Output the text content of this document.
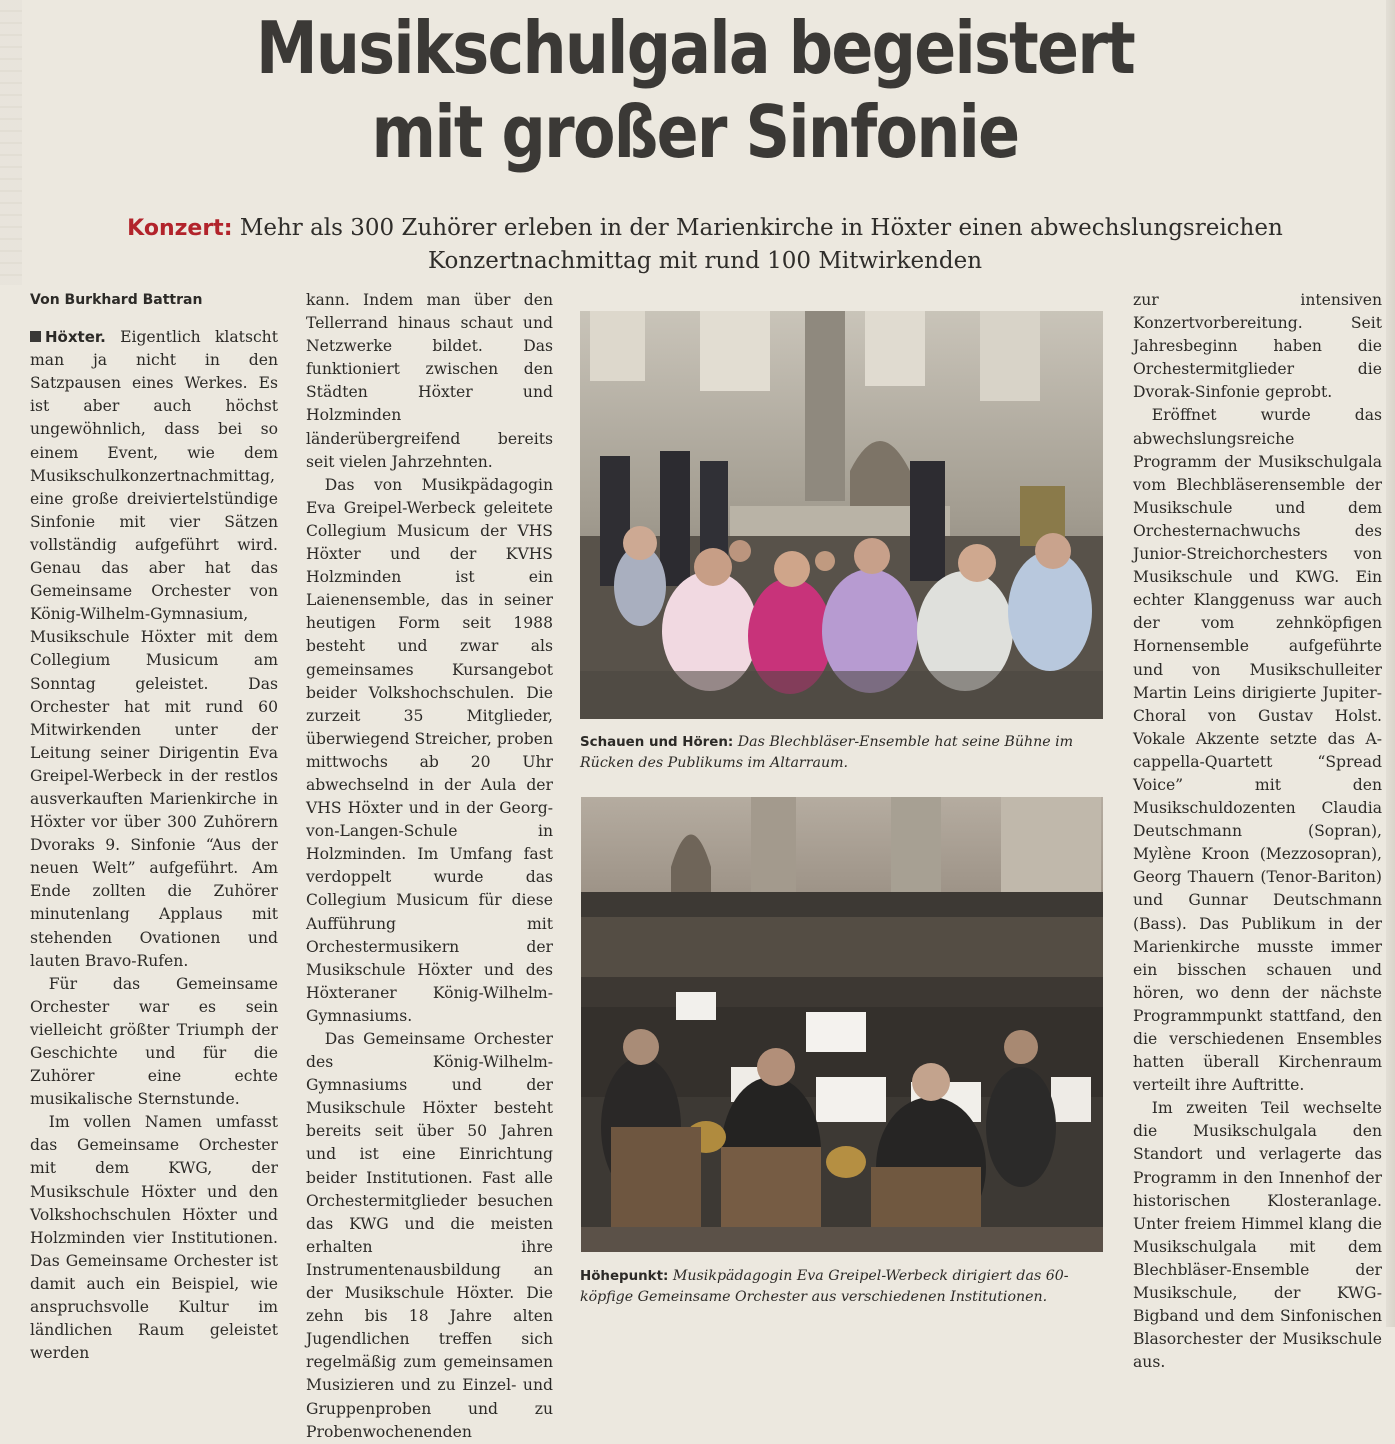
Musikschulgala begeistert
mit großer Sinfonie

Konzert: Mehr als 300 Zuhörer erleben in der Marienkirche in Höxter einen abwechslungsreichen
Konzertnachmittag mit rund 100 Mitwirkenden

Von Burkhard Battran

Höxter. Eigentlich klatscht man ja nicht in den Satzpausen eines Werkes. Es ist aber auch höchst ungewöhnlich, dass bei so einem Event, wie dem Musikschulkonzertnachmittag, eine große dreiviertelstündige Sinfonie mit vier Sätzen vollständig aufgeführt wird. Genau das aber hat das Gemeinsame Orchester von König-Wilhelm-Gymnasium, Musikschule Höxter mit dem Collegium Musicum am Sonntag geleistet. Das Orchester hat mit rund 60 Mitwirkenden unter der Leitung seiner Dirigentin Eva Greipel-Werbeck in der restlos ausverkauften Marienkirche in Höxter vor über 300 Zuhörern Dvoraks 9. Sinfonie “Aus der neuen Welt” aufgeführt. Am Ende zollten die Zuhörer minutenlang Applaus mit stehenden Ovationen und lauten Bravo-Rufen.

Für das Gemeinsame Orchester war es sein vielleicht größter Triumph der Geschichte und für die Zuhörer eine echte musikalische Sternstunde.

Im vollen Namen umfasst das Gemeinsame Orchester mit dem KWG, der Musikschule Höxter und den Volkshochschulen Höxter und Holzminden vier Institutionen. Das Gemeinsame Orchester ist damit auch ein Beispiel, wie anspruchsvolle Kultur im ländlichen Raum geleistet werden

kann. Indem man über den Tellerrand hinaus schaut und Netzwerke bildet. Das funktioniert zwischen den Städten Höxter und Holzminden länderübergreifend bereits seit vielen Jahrzehnten.

Das von Musikpädagogin Eva Greipel-Werbeck geleitete Collegium Musicum der VHS Höxter und der KVHS Holzminden ist ein Laienensemble, das in seiner heutigen Form seit 1988 besteht und zwar als gemeinsames Kursangebot beider Volkshochschulen. Die zurzeit 35 Mitglieder, überwiegend Streicher, proben mittwochs ab 20 Uhr abwechselnd in der Aula der VHS Höxter und in der Georg-von-Langen-Schule in Holzminden. Im Umfang fast verdoppelt wurde das Collegium Musicum für diese Aufführung mit Orchestermusikern der Musikschule Höxter und des Höxteraner König-Wilhelm-Gymnasiums.

Das Gemeinsame Orchester des König-Wilhelm-Gymnasiums und der Musikschule Höxter besteht bereits seit über 50 Jahren und ist eine Einrichtung beider Institutionen. Fast alle Orchestermitglieder besuchen das KWG und die meisten erhalten ihre Instrumentenausbildung an der Musikschule Höxter. Die zehn bis 18 Jahre alten Jugendlichen treffen sich regelmäßig zum gemeinsamen Musizieren und zu Einzel- und Gruppenproben und zu Probenwochenenden

Schauen und Hören: Das Blechbläser-Ensemble hat seine Bühne im Rücken des Publikums im Altarraum.

Höhepunkt: Musikpädagogin Eva Greipel-Werbeck dirigiert das 60-köpfige Gemeinsame Orchester aus verschiedenen Institutionen.

zur intensiven Konzertvorbereitung. Seit Jahresbeginn haben die Orchestermitglieder die Dvorak-Sinfonie geprobt.

Eröffnet wurde das abwechslungsreiche Programm der Musikschulgala vom Blechbläserensemble der Musikschule und dem Orchesternachwuchs des Junior-Streichorchesters von Musikschule und KWG. Ein echter Klanggenuss war auch der vom zehnköpfigen Hornensemble aufgeführte und von Musikschulleiter Martin Leins dirigierte Jupiter-Choral von Gustav Holst. Vokale Akzente setzte das A-cappella-Quartett “Spread Voice” mit den Musikschuldozenten Claudia Deutschmann (Sopran), Mylène Kroon (Mezzosopran), Georg Thauern (Tenor-Bariton) und Gunnar Deutschmann (Bass). Das Publikum in der Marienkirche musste immer ein bisschen schauen und hören, wo denn der nächste Programmpunkt stattfand, den die verschiedenen Ensembles hatten überall Kirchenraum verteilt ihre Auftritte.

Im zweiten Teil wechselte die Musikschulgala den Standort und verlagerte das Programm in den Innenhof der historischen Klosteranlage. Unter freiem Himmel klang die Musikschulgala mit dem Blechbläser-Ensemble der Musikschule, der KWG-Bigband und dem Sinfonischen Blasorchester der Musikschule aus.
